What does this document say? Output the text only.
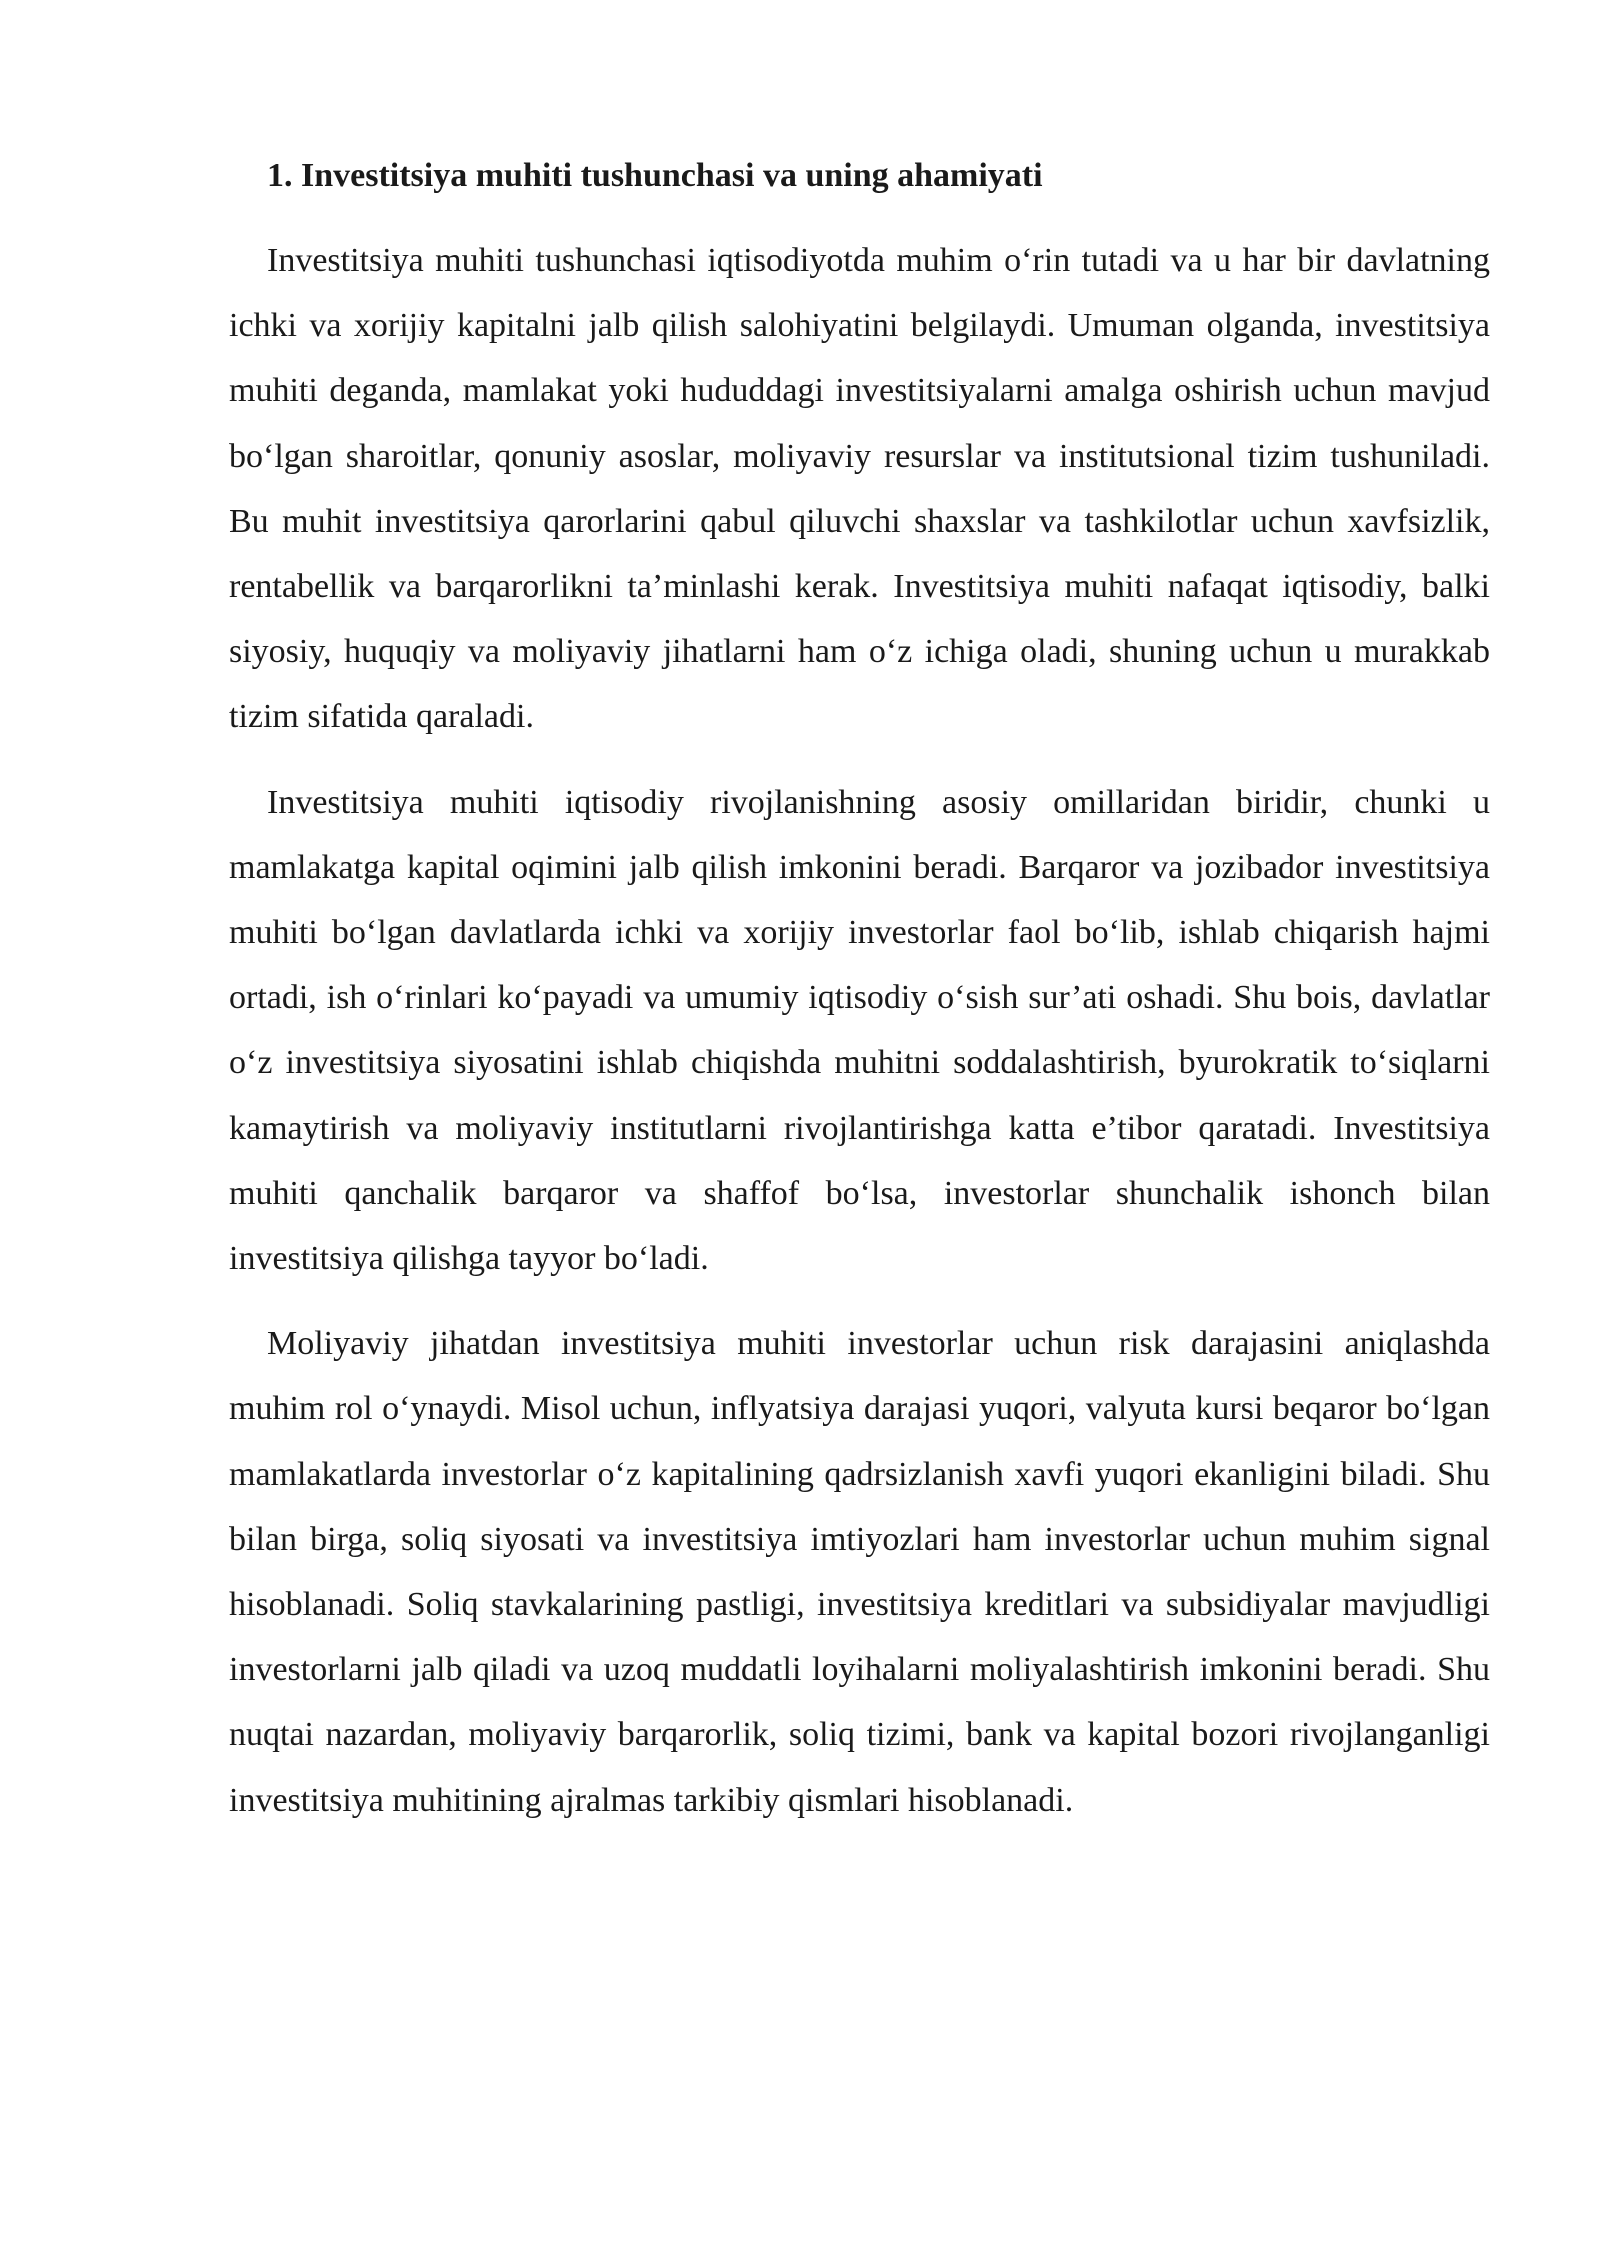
1. Investitsiya muhiti tushunchasi va uning ahamiyati

Investitsiya muhiti tushunchasi iqtisodiyotda muhim o‘rin tutadi va u har bir davlatning ichki va xorijiy kapitalni jalb qilish salohiyatini belgilaydi. Umuman olganda, investitsiya muhiti deganda, mamlakat yoki hududdagi investitsiyalarni amalga oshirish uchun mavjud bo‘lgan sharoitlar, qonuniy asoslar, moliyaviy resurslar va institutsional tizim tushuniladi. Bu muhit investitsiya qarorlarini qabul qiluvchi shaxslar va tashkilotlar uchun xavfsizlik, rentabellik va barqarorlikni ta’minlashi kerak. Investitsiya muhiti nafaqat iqtisodiy, balki siyosiy, huquqiy va moliyaviy jihatlarni ham o‘z ichiga oladi, shuning uchun u murakkab tizim sifatida qaraladi.

Investitsiya muhiti iqtisodiy rivojlanishning asosiy omillaridan biridir, chunki u mamlakatga kapital oqimini jalb qilish imkonini beradi. Barqaror va jozibador investitsiya muhiti bo‘lgan davlatlarda ichki va xorijiy investorlar faol bo‘lib, ishlab chiqarish hajmi ortadi, ish o‘rinlari ko‘payadi va umumiy iqtisodiy o‘sish sur’ati oshadi. Shu bois, davlatlar o‘z investitsiya siyosatini ishlab chiqishda muhitni soddalashtirish, byurokratik to‘siqlarni kamaytirish va moliyaviy institutlarni rivojlantirishga katta e’tibor qaratadi. Investitsiya muhiti qanchalik barqaror va shaffof bo‘lsa, investorlar shunchalik ishonch bilan investitsiya qilishga tayyor bo‘ladi.

Moliyaviy jihatdan investitsiya muhiti investorlar uchun risk darajasini aniqlashda muhim rol o‘ynaydi. Misol uchun, inflyatsiya darajasi yuqori, valyuta kursi beqaror bo‘lgan mamlakatlarda investorlar o‘z kapitalining qadrsizlanish xavfi yuqori ekanligini biladi. Shu bilan birga, soliq siyosati va investitsiya imtiyozlari ham investorlar uchun muhim signal hisoblanadi. Soliq stavkalarining pastligi, investitsiya kreditlari va subsidiyalar mavjudligi investorlarni jalb qiladi va uzoq muddatli loyihalarni moliyalashtirish imkonini beradi. Shu nuqtai nazardan, moliyaviy barqarorlik, soliq tizimi, bank va kapital bozori rivojlanganligi investitsiya muhitining ajralmas tarkibiy qismlari hisoblanadi.
